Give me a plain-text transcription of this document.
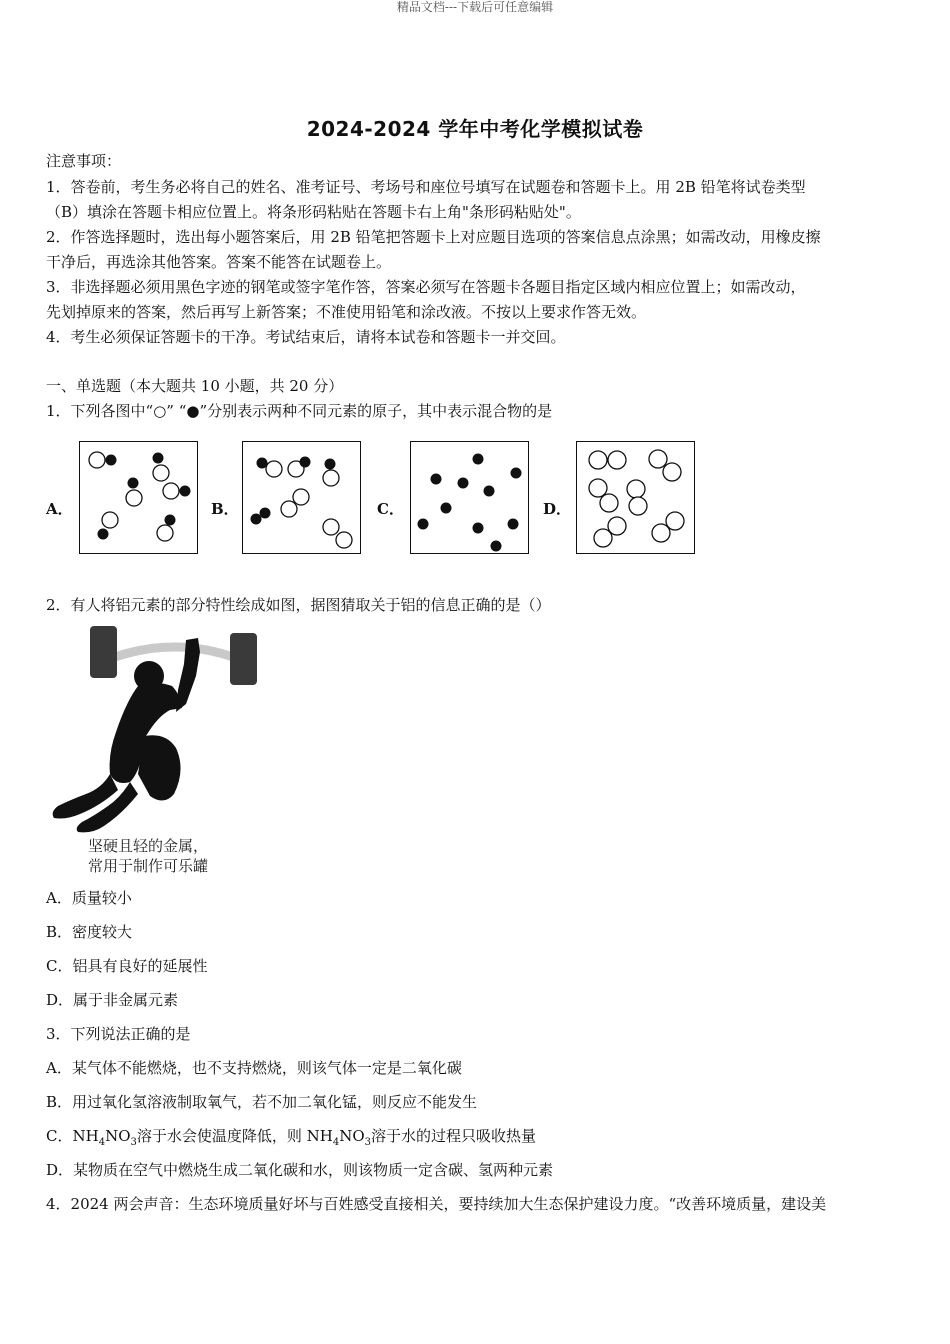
精品文档---下载后可任意编辑
2024-2024 学年中考化学模拟试卷
注意事项：
1．答卷前，考生务必将自己的姓名、准考证号、考场号和座位号填写在试题卷和答题卡上。用 2B 铅笔将试卷类型
（B）填涂在答题卡相应位置上。将条形码粘贴在答题卡右上角"条形码粘贴处"。
2．作答选择题时，选出每小题答案后，用 2B 铅笔把答题卡上对应题目选项的答案信息点涂黑；如需改动，用橡皮擦
干净后，再选涂其他答案。答案不能答在试题卷上。
3．非选择题必须用黑色字迹的钢笔或签字笔作答，答案必须写在答题卡各题目指定区域内相应位置上；如需改动，
先划掉原来的答案，然后再写上新答案；不准使用铅笔和涂改液。不按以上要求作答无效。
4．考生必须保证答题卡的干净。考试结束后，请将本试卷和答题卡一并交回。
一、单选题（本大题共 10 小题，共 20 分）
1．下列各图中“○” “●”分别表示两种不同元素的原子，其中表示混合物的是
A．	B．	C．	D．
2．有人将铝元素的部分特性绘成如图，据图猜取关于铝的信息正确的是（）
坚硬且轻的金属，
常用于制作可乐罐
A．质量较小
B．密度较大
C．铝具有良好的延展性
D．属于非金属元素
3．下列说法正确的是
A．某气体不能燃烧，也不支持燃烧，则该气体一定是二氧化碳
B．用过氧化氢溶液制取氧气，若不加二氧化锰，则反应不能发生
C．$NH_4NO_3$溶于水会使温度降低，则 $NH_4NO_3$溶于水的过程只吸收热量
D．某物质在空气中燃烧生成二氧化碳和水，则该物质一定含碳、氢两种元素
4．2024 两会声音：生态环境质量好坏与百姓感受直接相关，要持续加大生态保护建设力度。“改善环境质量，建设美
